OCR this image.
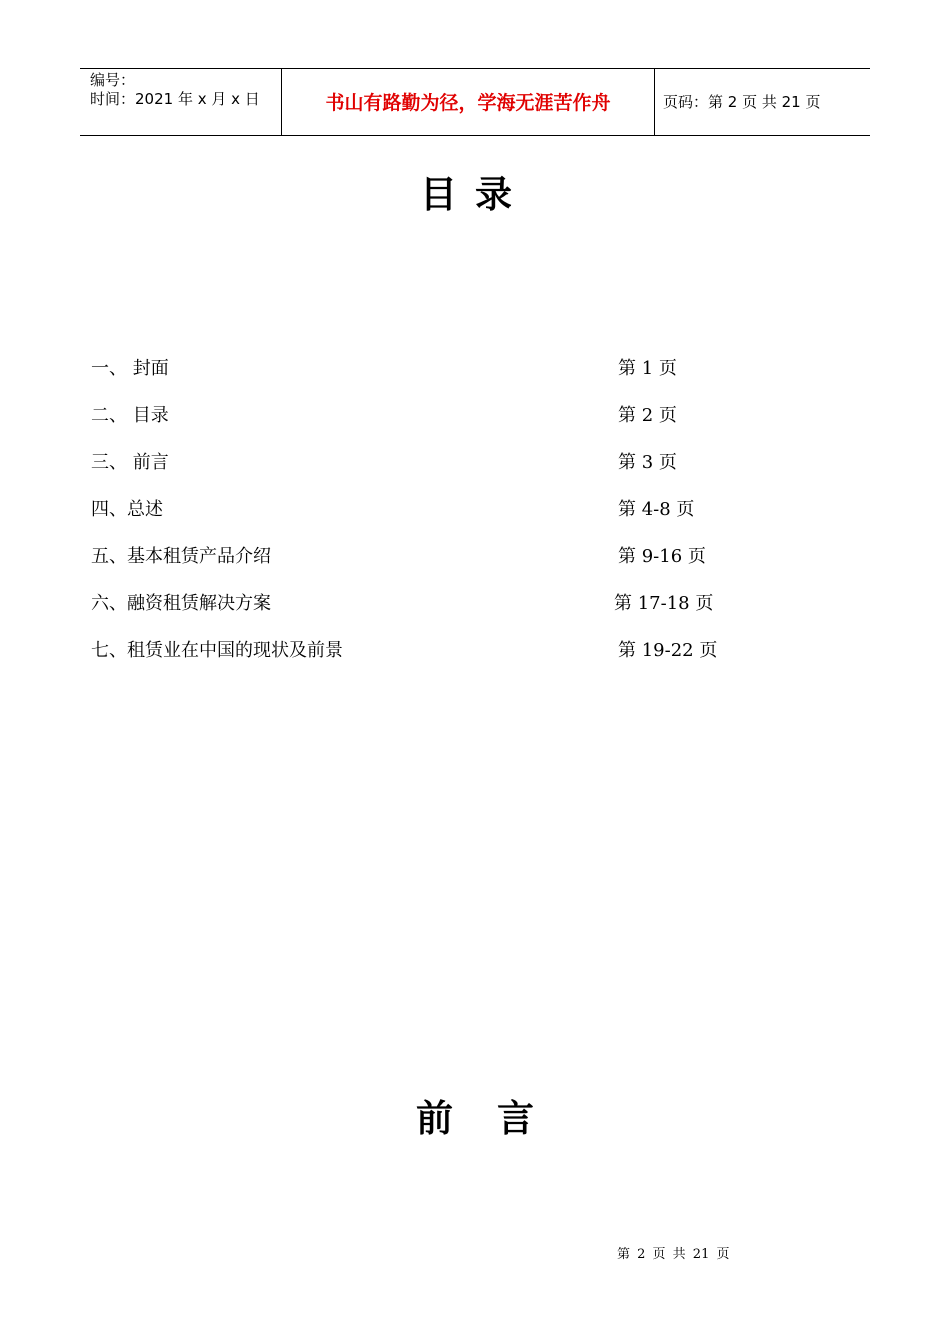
编号：
时间：2021 年 x 月 x 日	书山有路勤为径，学海无涯苦作舟	页码：第 2 页 共 21 页
目录
一、 封面	第 1 页
二、 目录	第 2 页
三、 前言	第 3 页
四、总述	第 4-8 页
五、基本租赁产品介绍	第 9-16 页
六、融资租赁解决方案	第 17-18 页
七、租赁业在中国的现状及前景	第 19-22 页
前言
第 2 页 共 21 页
